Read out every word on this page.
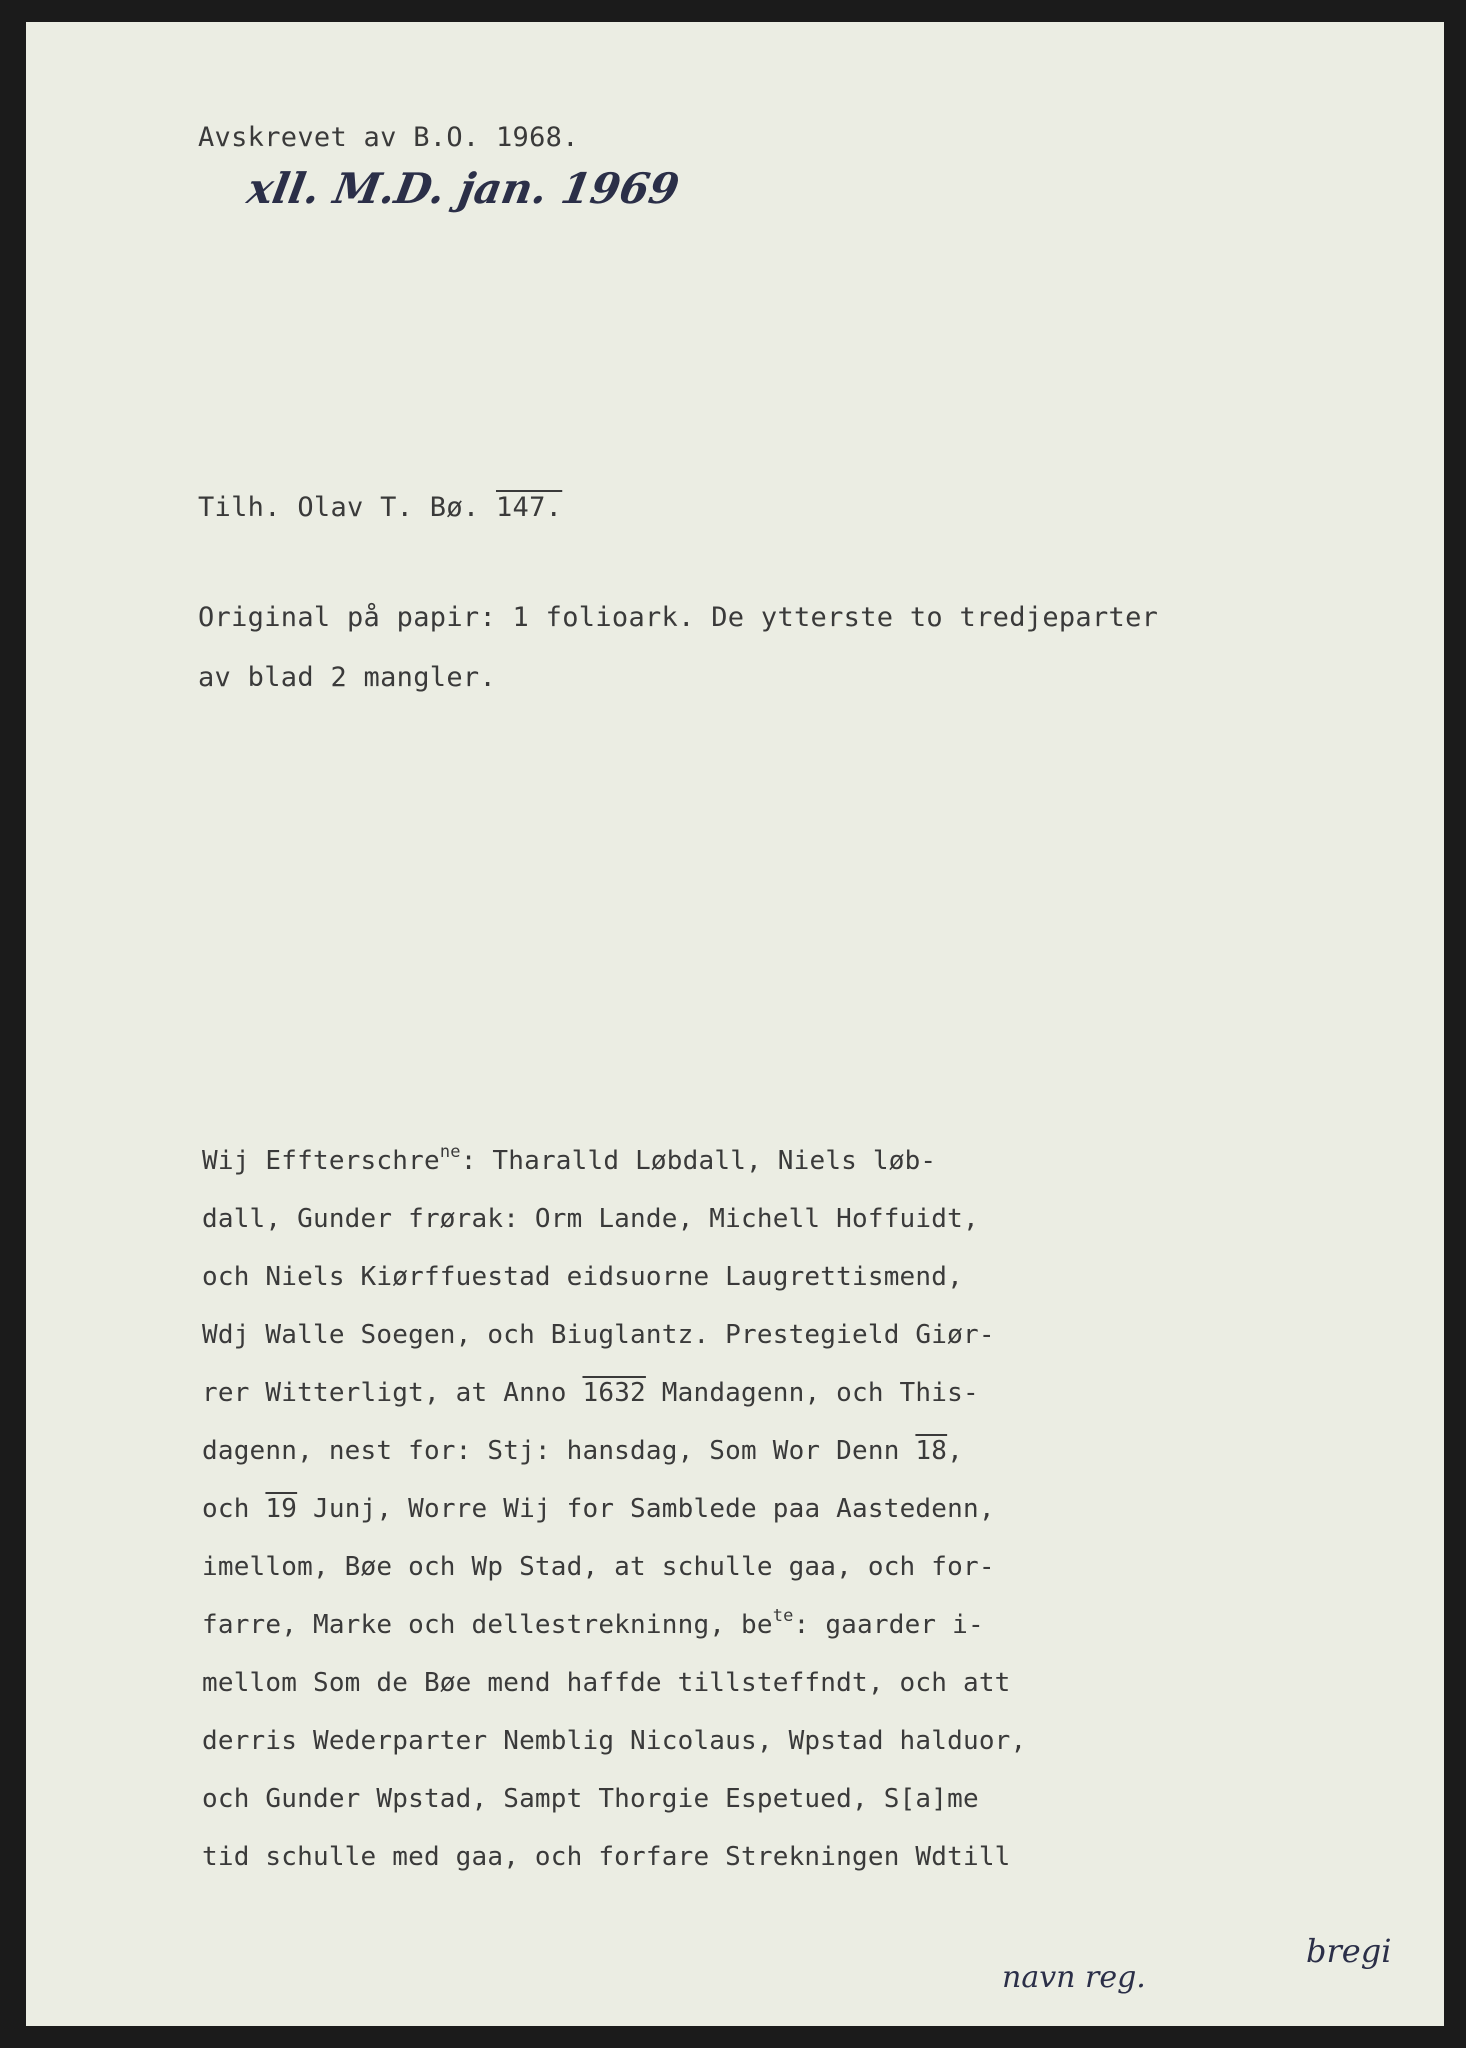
Avskrevet av B.O. 1968.
xll. M.D. jan. 1969
Tilh. Olav T. Bø. 147.
Original på papir: 1 folioark. De ytterste to tredjeparter
av blad 2 mangler.
Wij Effterschre$^{ne}$: Tharalld Løbdall, Niels løb-
dall, Gunder frørak: Orm Lande, Michell Hoffuidt,
och Niels Kiørffuestad eidsuorne Laugrettismend,
Wdj Walle Soegen, och Biuglantz. Prestegield Giør-
rer Witterligt, at Anno 1632 Mandagenn, och This-
dagenn, nest for: Stj: hansdag, Som Wor Denn 18,
och 19 Junj, Worre Wij for Samblede paa Aastedenn,
imellom, Bøe och Wp Stad, at schulle gaa, och for-
farre, Marke och dellestrekninng, $be^{te}$: gaarder i-
mellom Som de Bøe mend haffde tillsteffndt, och att
derris Wederparter Nemblig Nicolaus, Wpstad halduor,
och Gunder Wpstad, Sampt Thorgie Espetued, S[a]me
tid schulle med gaa, och forfare Strekningen Wdtill
navn reg.
bregi
